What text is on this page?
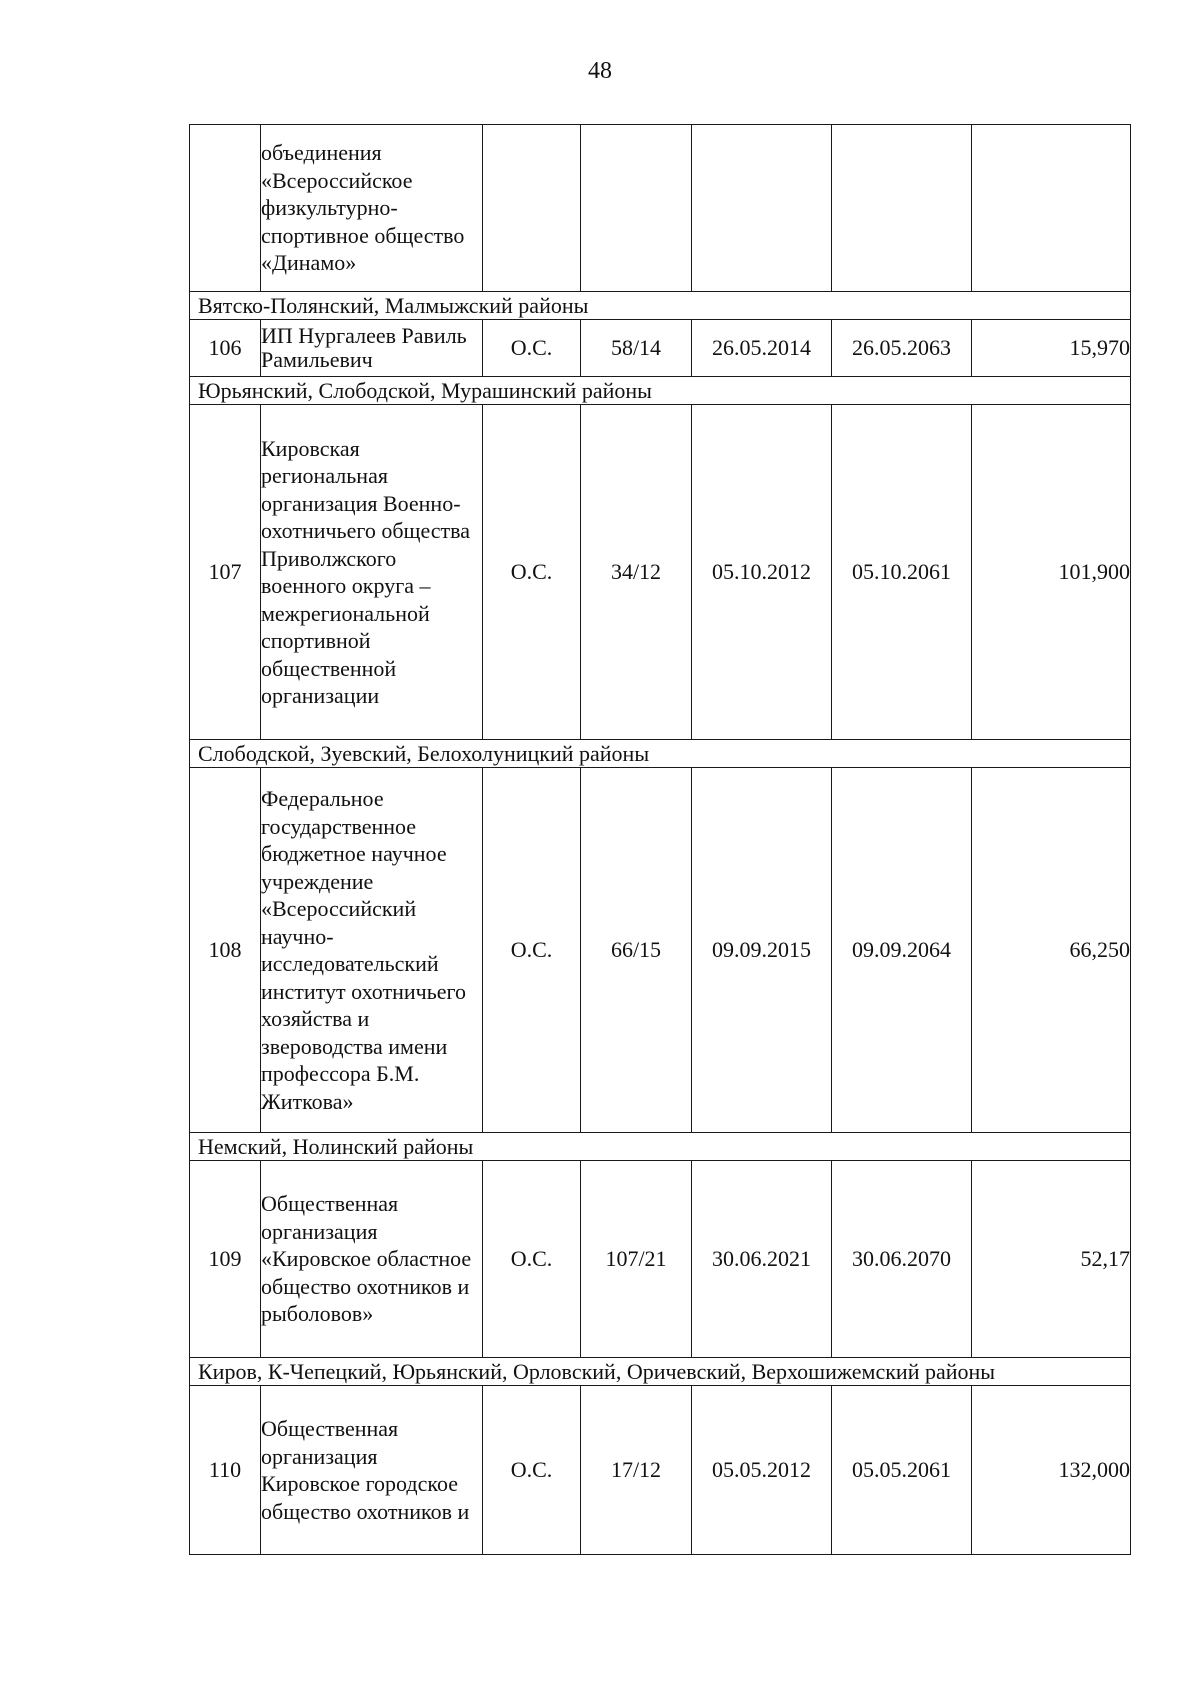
48
	объединения «Всероссийское физкультурно-спортивное общество «Динамо»					
Вятско-Полянский, Малмыжский районы						
106	ИП Нургалеев Равиль Рамильевич	О.С.	58/14	26.05.2014	26.05.2063	15,970
Юрьянский, Слободской, Мурашинский районы						
107	Кировская региональная организация Военно-охотничьего общества Приволжского военного округа – межрегиональной спортивной общественной организации	О.С.	34/12	05.10.2012	05.10.2061	101,900
Слободской, Зуевский, Белохолуницкий районы						
108	Федеральное государственное бюджетное научное учреждение «Всероссийский научно-исследовательский институт охотничьего хозяйства и звероводства имени профессора Б.М. Житкова»	О.С.	66/15	09.09.2015	09.09.2064	66,250
Немский, Нолинский районы						
109	Общественная организация «Кировское областное общество охотников и рыболовов»	О.С.	107/21	30.06.2021	30.06.2070	52,17
Киров, К-Чепецкий, Юрьянский, Орловский, Оричевский, Верхошижемский районы						
110	Общественная организация Кировское городское общество охотников и	О.С.	17/12	05.05.2012	05.05.2061	132,000
